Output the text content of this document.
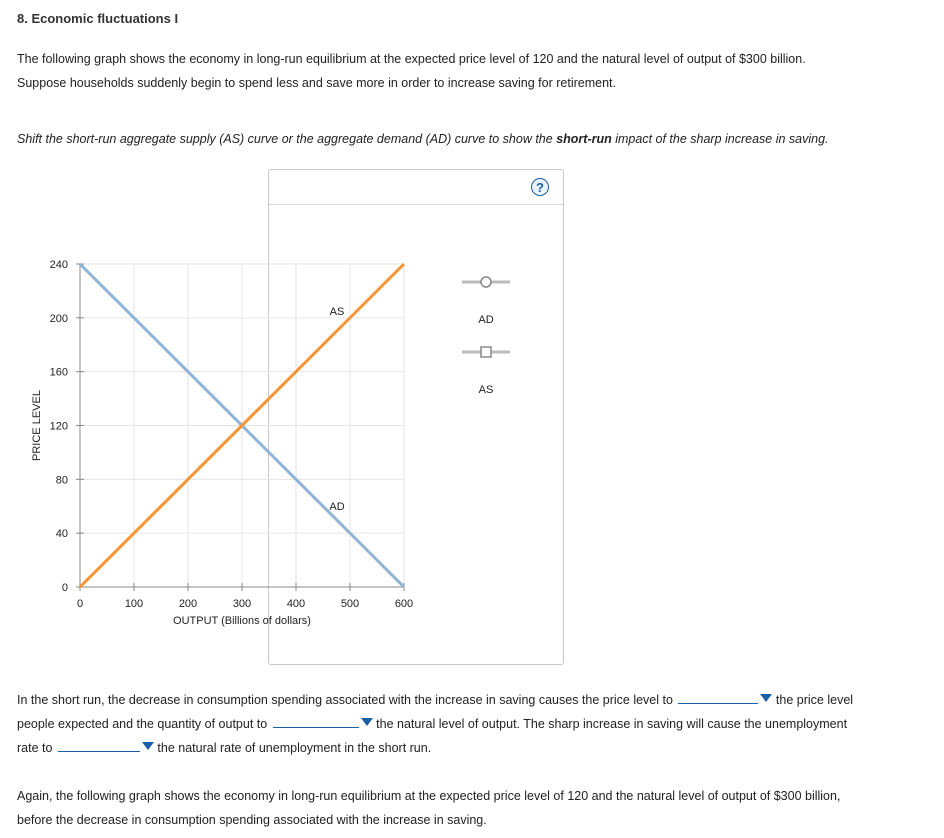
8. Economic fluctuations I
The following graph shows the economy in long-run equilibrium at the expected price level of 120 and the natural level of output of $300 billion.
Suppose households suddenly begin to spend less and save more in order to increase saving for retirement.
Shift the short-run aggregate supply (AS) curve or the aggregate demand (AD) curve to show the short-run impact of the sharp increase in saving.
?
0
40
80
120
160
200
240
0	100	200	300	400	500	600
OUTPUT (Billions of dollars)
PRICE LEVEL
AS
AD
AD
AS
In the short run, the decrease in consumption spending associated with the increase in saving causes the price level to	the price level
people expected and the quantity of output to	the natural level of output. The sharp increase in saving will cause the unemployment
rate to	the natural rate of unemployment in the short run.
Again, the following graph shows the economy in long-run equilibrium at the expected price level of 120 and the natural level of output of $300 billion,
before the decrease in consumption spending associated with the increase in saving.
